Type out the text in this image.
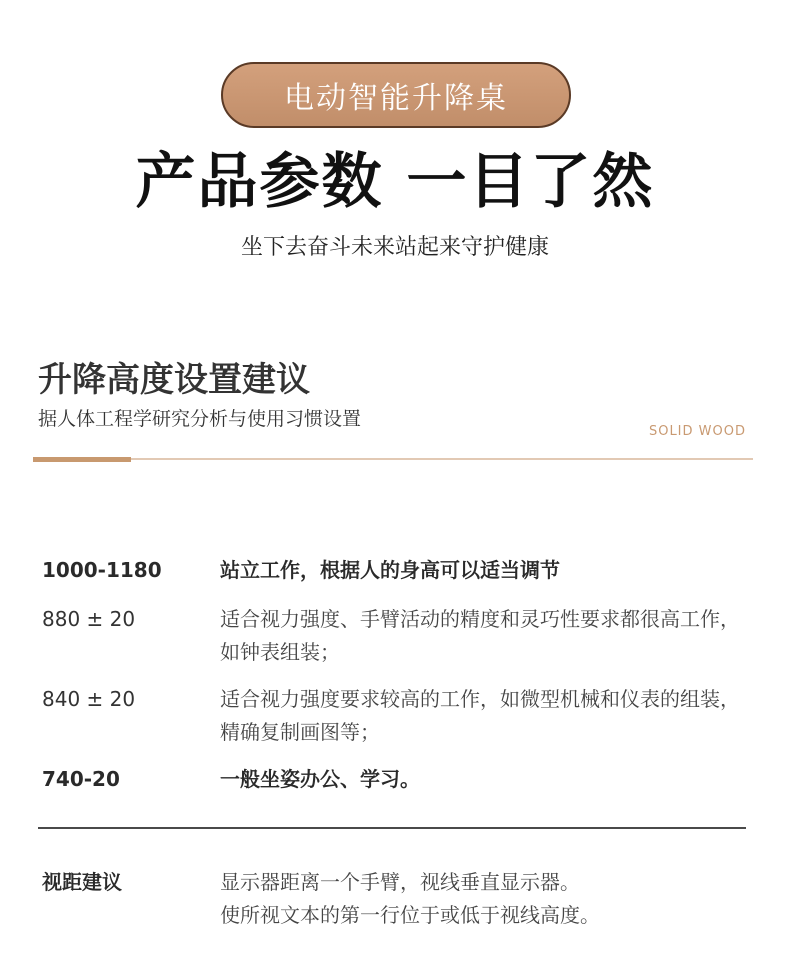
电动智能升降桌
产品参数 一目了然
坐下去奋斗未来站起来守护健康
升降高度设置建议
据人体工程学研究分析与使用习惯设置
SOLID WOOD
1000-1180	站立工作，根据人的身高可以适当调节
880 ± 20	适合视力强度、手臂活动的精度和灵巧性要求都很高工作，如钟表组装；
840 ± 20	适合视力强度要求较高的工作，如微型机械和仪表的组装，精确复制画图等；
740-20	一般坐姿办公、学习。
视距建议	显示器距离一个手臂，视线垂直显示器。
使所视文本的第一行位于或低于视线高度。
